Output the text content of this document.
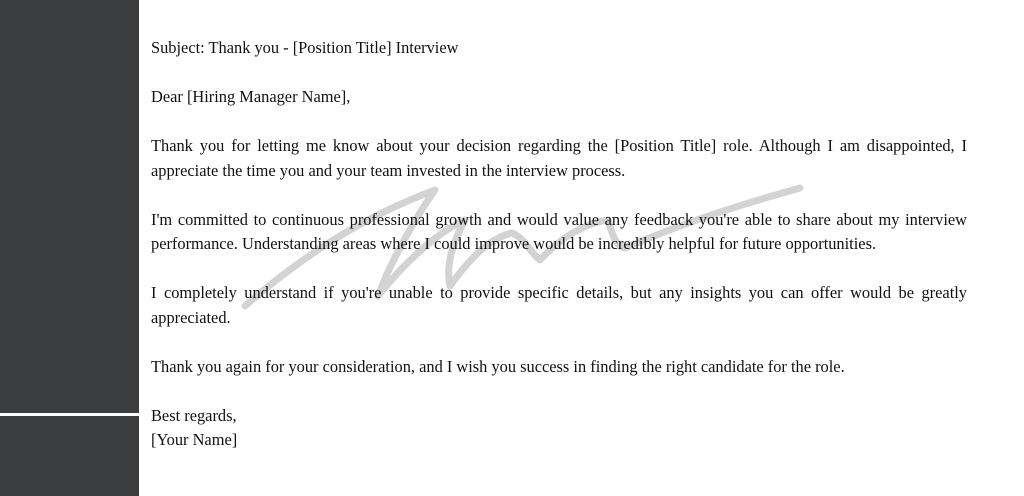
Subject: Thank you - [Position Title] Interview

Dear [Hiring Manager Name],

Thank you for letting me know about your decision regarding the [Position Title] role. Although I am disappointed, I appreciate the time you and your team invested in the interview process.

I'm committed to continuous professional growth and would value any feedback you're able to share about my interview performance. Understanding areas where I could improve would be incredibly helpful for future opportunities.

I completely understand if you're unable to provide specific details, but any insights you can offer would be greatly appreciated.

Thank you again for your consideration, and I wish you success in finding the right candidate for the role.

Best regards,
[Your Name]
